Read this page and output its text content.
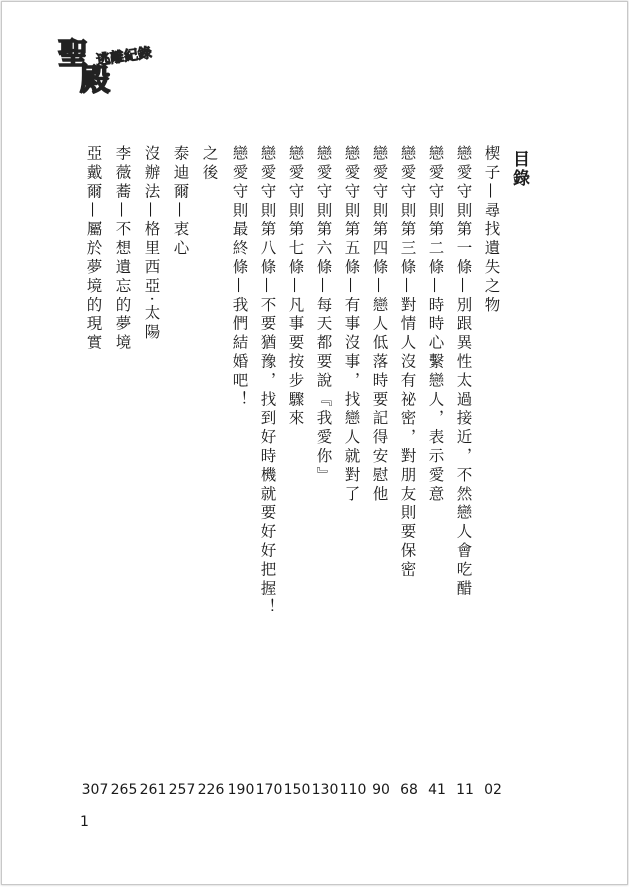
聖
殿
逃離紀錄
目錄
楔子—尋找遺失之物
戀愛守則第一條—別跟異性太過接近，不然戀人會吃醋
戀愛守則第二條—時時心繫戀人，表示愛意
戀愛守則第三條—對情人沒有祕密，對朋友則要保密
戀愛守則第四條—戀人低落時要記得安慰他
戀愛守則第五條—有事沒事，找戀人就對了
戀愛守則第六條—每天都要說『我愛你』
戀愛守則第七條—凡事要按步驟來
戀愛守則第八條—不要猶豫，找到好時機就要好好把握！
戀愛守則最終條—我們結婚吧！
之後
泰迪爾—衷心
沒辦法—格里西亞‧太陽
李薇蕎—不想遺忘的夢境
亞戴爾—屬於夢境的現實
02
11
41
68
90
110
130
150
170
190
226
257
261
265
307
1
